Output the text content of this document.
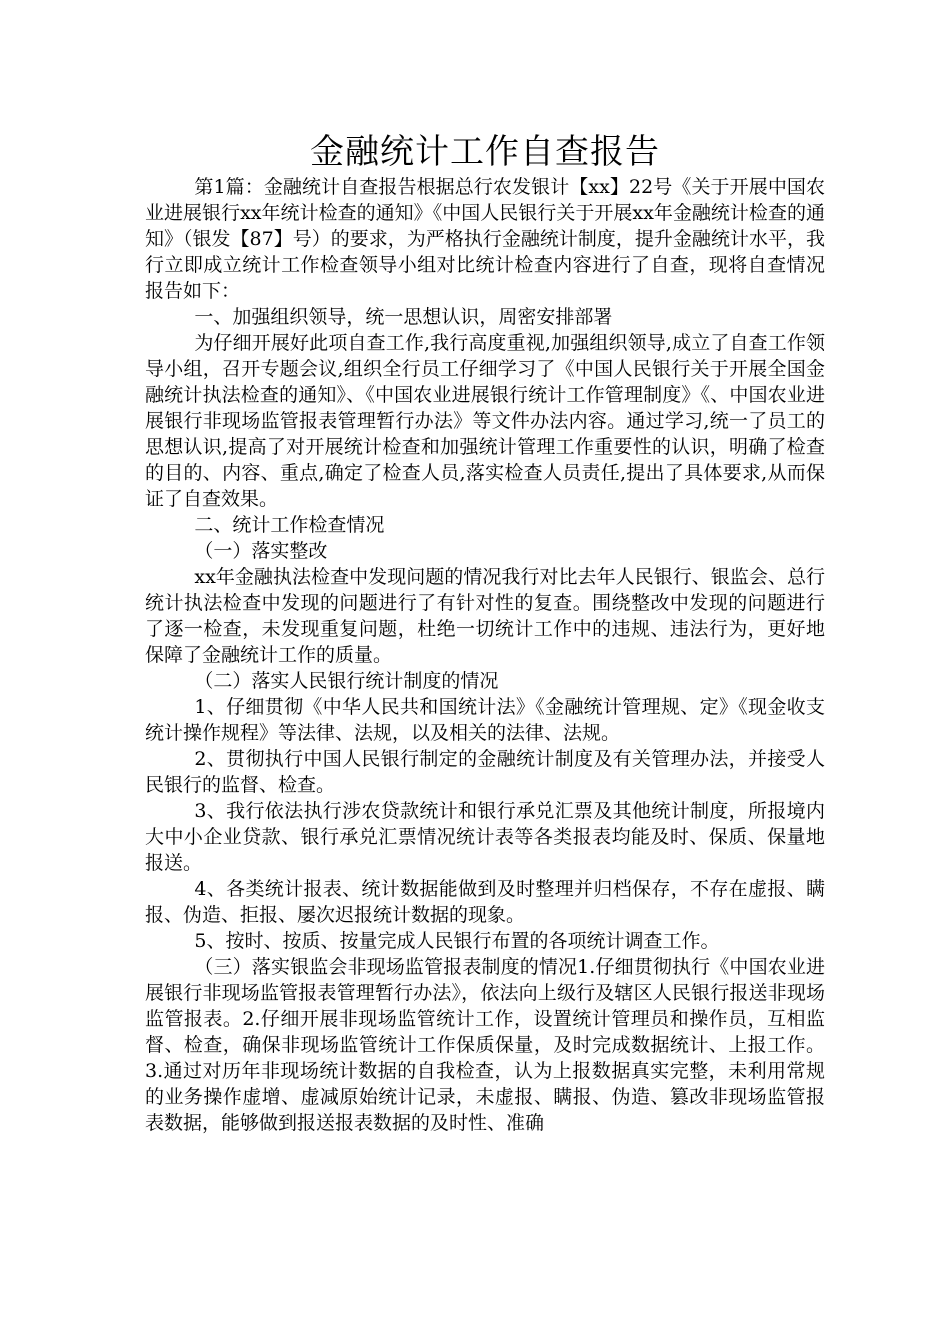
金融统计工作自查报告

第1篇：金融统计自查报告根据总行农发银计【xx】22号《关于开展中国农业进展银行xx年统计检查的通知》《中国人民银行关于开展xx年金融统计检查的通知》（银发【87】号）的要求，为严格执行金融统计制度，提升金融统计水平，我行立即成立统计工作检查领导小组对比统计检查内容进行了自查，现将自查情况报告如下：

一、加强组织领导，统一思想认识，周密安排部署

为仔细开展好此项自查工作,我行高度重视,加强组织领导,成立了自查工作领导小组，召开专题会议,组织全行员工仔细学习了《中国人民银行关于开展全国金融统计执法检查的通知》、《中国农业进展银行统计工作管理制度》《、中国农业进展银行非现场监管报表管理暂行办法》等文件办法内容。通过学习,统一了员工的思想认识,提高了对开展统计检查和加强统计管理工作重要性的认识，明确了检查的目的、内容、重点,确定了检查人员,落实检查人员责任,提出了具体要求,从而保证了自查效果。

二、统计工作检查情况

（一）落实整改

xx年金融执法检查中发现问题的情况我行对比去年人民银行、银监会、总行统计执法检查中发现的问题进行了有针对性的复查。围绕整改中发现的问题进行了逐一检查，未发现重复问题，杜绝一切统计工作中的违规、违法行为，更好地保障了金融统计工作的质量。

（二）落实人民银行统计制度的情况

1、仔细贯彻《中华人民共和国统计法》《金融统计管理规、定》《现金收支统计操作规程》等法律、法规，以及相关的法律、法规。

2、贯彻执行中国人民银行制定的金融统计制度及有关管理办法，并接受人民银行的监督、检查。

3、我行依法执行涉农贷款统计和银行承兑汇票及其他统计制度，所报境内大中小企业贷款、银行承兑汇票情况统计表等各类报表均能及时、保质、保量地报送。

4、各类统计报表、统计数据能做到及时整理并归档保存，不存在虚报、瞒报、伪造、拒报、屡次迟报统计数据的现象。

5、按时、按质、按量完成人民银行布置的各项统计调查工作。

（三）落实银监会非现场监管报表制度的情况1.仔细贯彻执行《中国农业进展银行非现场监管报表管理暂行办法》，依法向上级行及辖区人民银行报送非现场监管报表。2.仔细开展非现场监管统计工作，设置统计管理员和操作员，互相监督、检查，确保非现场监管统计工作保质保量，及时完成数据统计、上报工作。3.通过对历年非现场统计数据的自我检查，认为上报数据真实完整，未利用常规的业务操作虚增、虚减原始统计记录，未虚报、瞒报、伪造、篡改非现场监管报表数据，能够做到报送报表数据的及时性、准确
